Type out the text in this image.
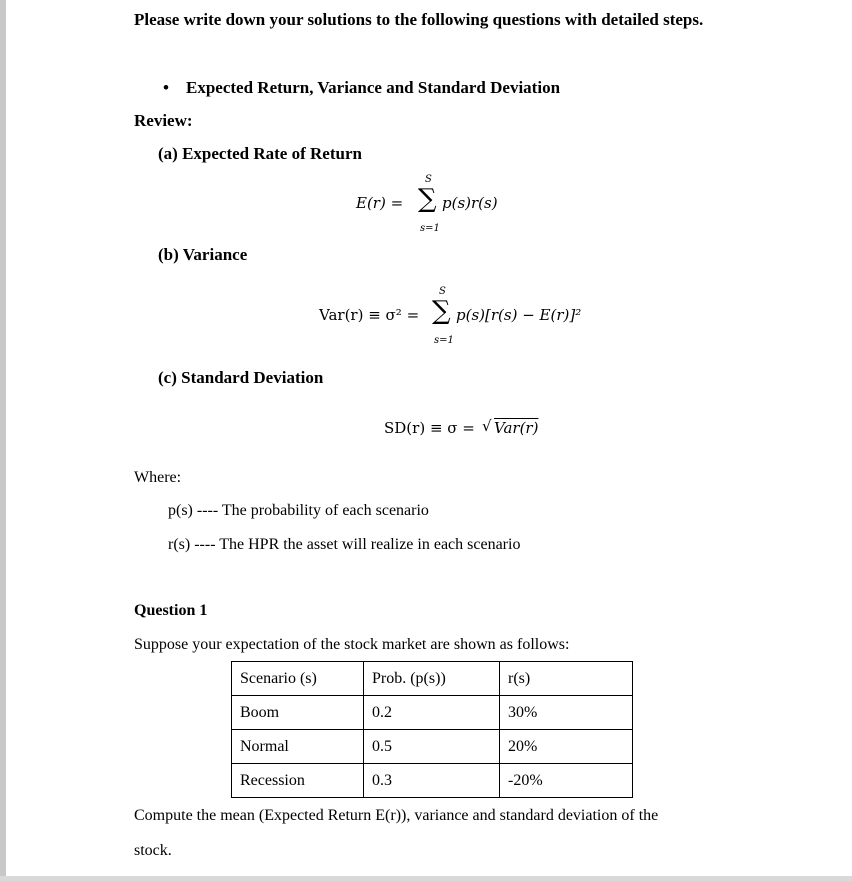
Please write down your solutions to the following questions with detailed steps.
• Expected Return, Variance and Standard Deviation
Review:
(a) Expected Rate of Return
E(r) =
S
∑
s=1
p(s)r(s)
(b) Variance
Var(r) ≡ σ² =
S
∑
s=1
p(s)[r(s) − E(r)]²
(c) Standard Deviation
SD(r) ≡ σ = √ Var(r)
Where:
p(s) ---- The probability of each scenario
r(s) ---- The HPR the asset will realize in each scenario
Question 1
Suppose your expectation of the stock market are shown as follows:
Scenario (s)	Prob. (p(s))	r(s)
Boom	0.2	30%
Normal	0.5	20%
Recession	0.3	-20%
Compute the mean (Expected Return E(r)), variance and standard deviation of the
stock.
